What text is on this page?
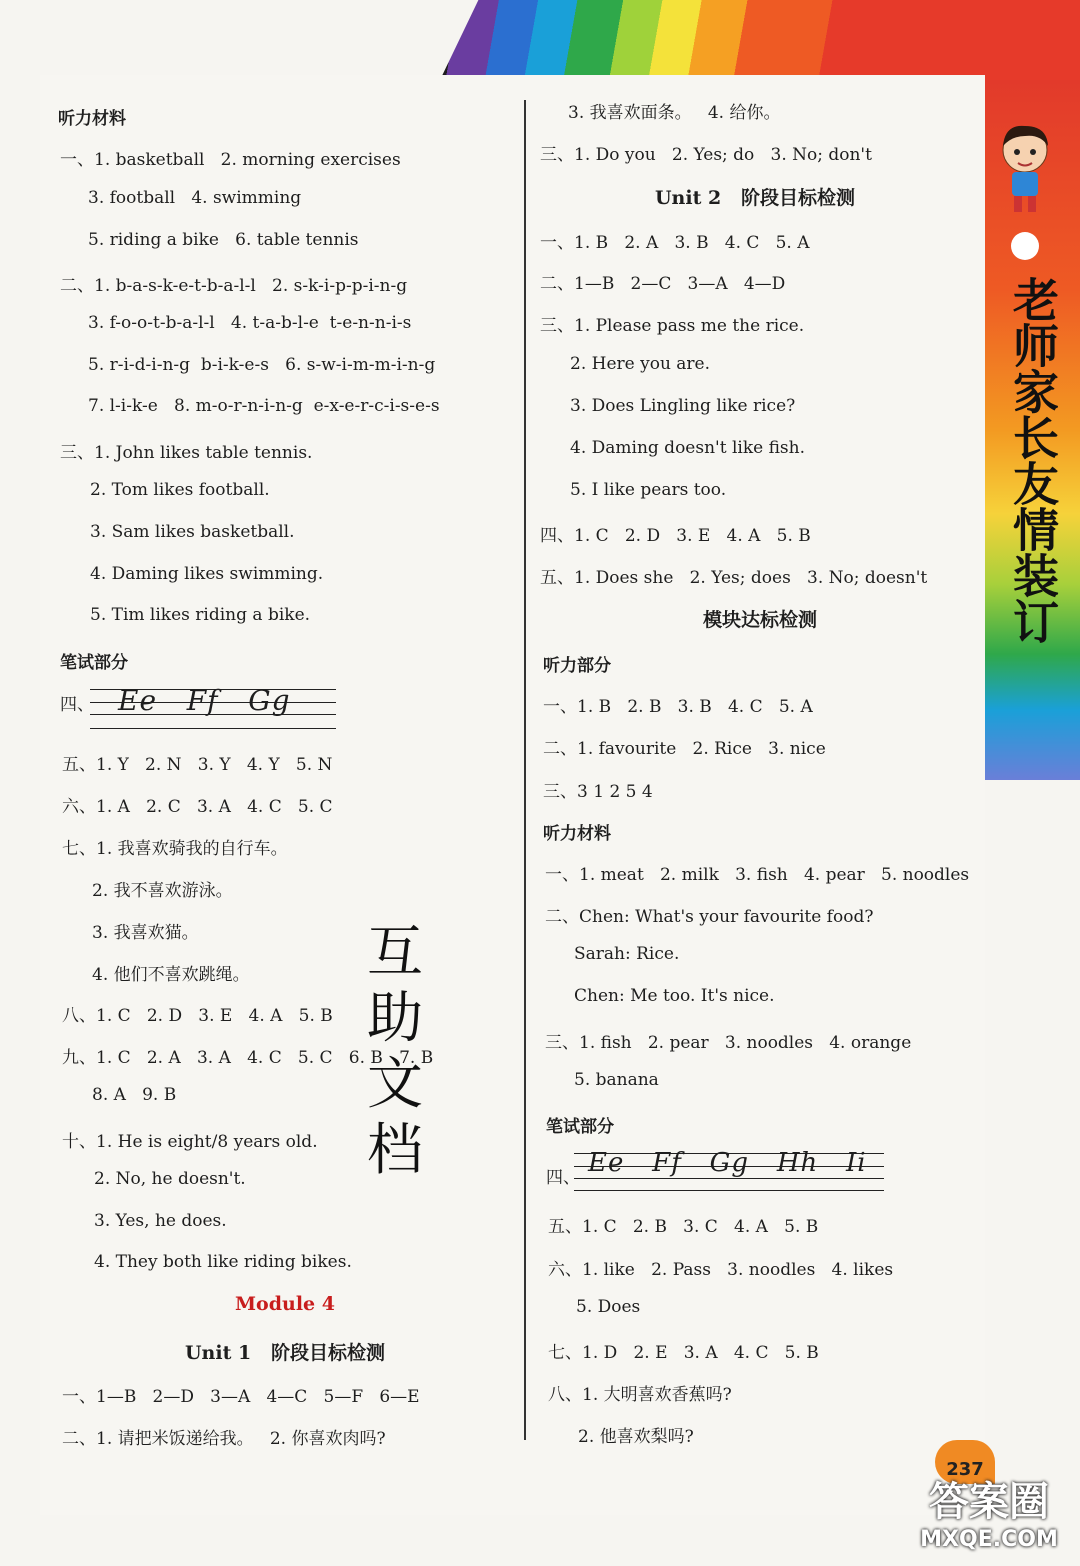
老师家长友情装订
听力材料
一、1. basketball   2. morning exercises
3. football   4. swimming
5. riding a bike   6. table tennis
二、1. b-a-s-k-e-t-b-a-l-l   2. s-k-i-p-p-i-n-g
3. f-o-o-t-b-a-l-l   4. t-a-b-l-e  t-e-n-n-i-s
5. r-i-d-i-n-g  b-i-k-e-s   6. s-w-i-m-m-i-n-g
7. l-i-k-e   8. m-o-r-n-i-n-g  e-x-e-r-c-i-s-e-s
三、1. John likes table tennis.
2. Tom likes football.
3. Sam likes basketball.
4. Daming likes swimming.
5. Tim likes riding a bike.
笔试部分
四、 Ee   Ff   Gg
五、1. Y   2. N   3. Y   4. Y   5. N
六、1. A   2. C   3. A   4. C   5. C
七、1. 我喜欢骑我的自行车。
2. 我不喜欢游泳。
3. 我喜欢猫。
4. 他们不喜欢跳绳。
八、1. C   2. D   3. E   4. A   5. B
九、1. C   2. A   3. A   4. C   5. C   6. B   7. B
8. A   9. B
十、1. He is eight/8 years old.
2. No, he doesn't.
3. Yes, he does.
4. They both like riding bikes.
Module 4
Unit 1   阶段目标检测
一、1—B   2—D   3—A   4—C   5—F   6—E
二、1. 请把米饭递给我。   2. 你喜欢肉吗?
互
助
文
档
3. 我喜欢面条。   4. 给你。
三、1. Do you   2. Yes; do   3. No; don't
Unit 2   阶段目标检测
一、1. B   2. A   3. B   4. C   5. A
二、1—B   2—C   3—A   4—D
三、1. Please pass me the rice.
2. Here you are.
3. Does Lingling like rice?
4. Daming doesn't like fish.
5. I like pears too.
四、1. C   2. D   3. E   4. A   5. B
五、1. Does she   2. Yes; does   3. No; doesn't
模块达标检测
听力部分
一、1. B   2. B   3. B   4. C   5. A
二、1. favourite   2. Rice   3. nice
三、3 1 2 5 4
听力材料
一、1. meat   2. milk   3. fish   4. pear   5. noodles
二、Chen: What's your favourite food?
Sarah: Rice.
Chen: Me too. It's nice.
三、1. fish   2. pear   3. noodles   4. orange
5. banana
笔试部分
四、 Ee   Ff   Gg   Hh   Ii
五、1. C   2. B   3. C   4. A   5. B
六、1. like   2. Pass   3. noodles   4. likes
5. Does
七、1. D   2. E   3. A   4. C   5. B
八、1. 大明喜欢香蕉吗?
2. 他喜欢梨吗?
237
答案圈
MXQE.COM
